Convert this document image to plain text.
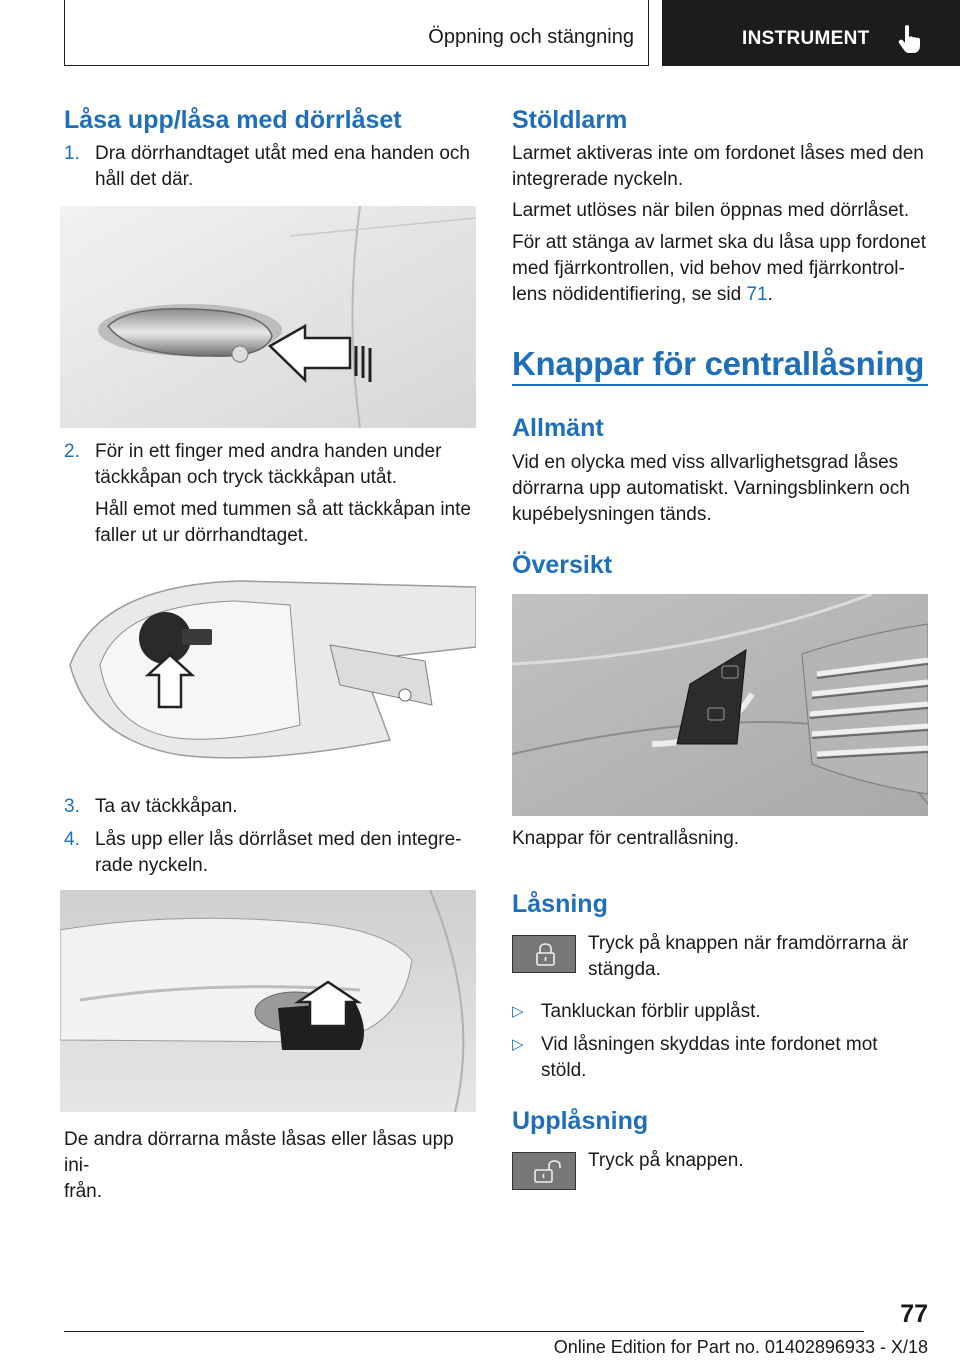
Öppning och stängning	INSTRUMENT
Låsa upp/låsa med dörrlåset
1. Dra dörrhandtaget utåt med ena handen och
håll det där.
2. För in ett finger med andra handen under
täckkåpan och tryck täckkåpan utåt.
Håll emot med tummen så att täckkåpan inte
faller ut ur dörrhandtaget.
3. Ta av täckkåpan.
4. Lås upp eller lås dörrlåset med den integre-
rade nyckeln.
De andra dörrarna måste låsas eller låsas upp ini-
från.
Stöldlarm
Larmet aktiveras inte om fordonet låses med den
integrerade nyckeln.
Larmet utlöses när bilen öppnas med dörrlåset.
För att stänga av larmet ska du låsa upp fordonet
med fjärrkontrollen, vid behov med fjärrkontrol-
lens nödidentifiering, se sid 71.
Knappar för centrallåsning
Allmänt
Vid en olycka med viss allvarlighetsgrad låses
dörrarna upp automatiskt. Varningsblinkern och
kupébelysningen tänds.
Översikt
Knappar för centrallåsning.
Låsning
Tryck på knappen när framdörrarna är
stängda.
▷ Tankluckan förblir upplåst.
▷ Vid låsningen skyddas inte fordonet mot
stöld.
Upplåsning
Tryck på knappen.
77
Online Edition for Part no. 01402896933 - X/18
